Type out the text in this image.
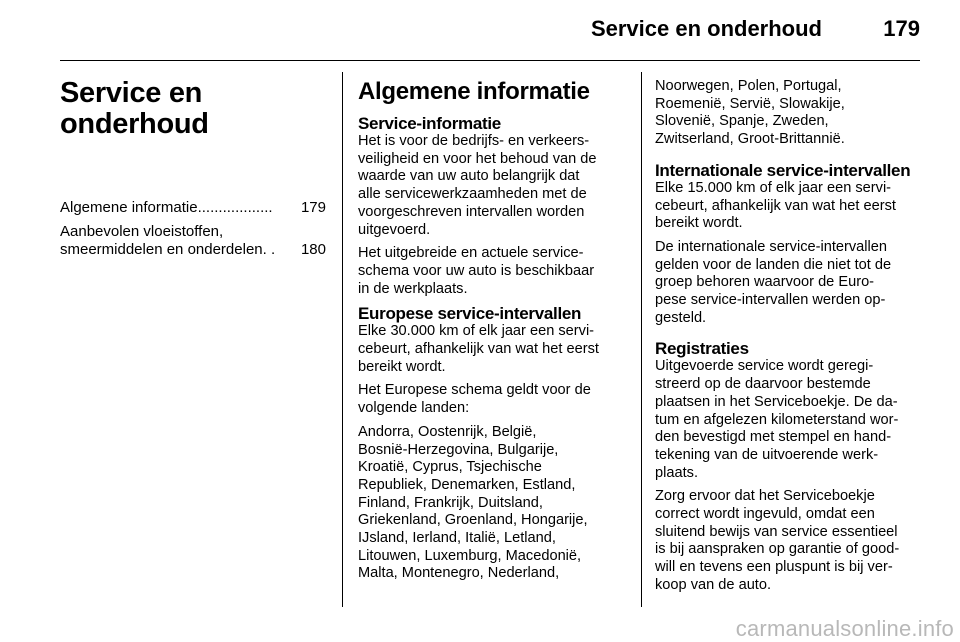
Service en onderhoud	179
Service en
onderhoud
Algemene informatie ..................	179
Aanbevolen vloeistoffen,
smeermiddelen en onderdelen . .	180
Algemene informatie
Service-informatie

Het is voor de bedrijfs- en verkeers-
veiligheid en voor het behoud van de
waarde van uw auto belangrijk dat
alle servicewerkzaamheden met de
voorgeschreven intervallen worden
uitgevoerd.

Het uitgebreide en actuele service-
schema voor uw auto is beschikbaar
in de werkplaats.

Europese service-intervallen

Elke 30.000 km of elk jaar een servi-
cebeurt, afhankelijk van wat het eerst
bereikt wordt.

Het Europese schema geldt voor de
volgende landen:

Andorra, Oostenrijk, België,
Bosnië-Herzegovina, Bulgarije,
Kroatië, Cyprus, Tsjechische
Republiek, Denemarken, Estland,
Finland, Frankrijk, Duitsland,
Griekenland, Groenland, Hongarije,
IJsland, Ierland, Italië, Letland,
Litouwen, Luxemburg, Macedonië,
Malta, Montenegro, Nederland,

Noorwegen, Polen, Portugal,
Roemenië, Servië, Slowakije,
Slovenië, Spanje, Zweden,
Zwitserland, Groot-Brittannië.

Internationale service-intervallen

Elke 15.000 km of elk jaar een servi-
cebeurt, afhankelijk van wat het eerst
bereikt wordt.

De internationale service-intervallen
gelden voor de landen die niet tot de
groep behoren waarvoor de Euro-
pese service-intervallen werden op-
gesteld.

Registraties

Uitgevoerde service wordt geregi-
streerd op de daarvoor bestemde
plaatsen in het Serviceboekje. De da-
tum en afgelezen kilometerstand wor-
den bevestigd met stempel en hand-
tekening van de uitvoerende werk-
plaats.

Zorg ervoor dat het Serviceboekje
correct wordt ingevuld, omdat een
sluitend bewijs van service essentieel
is bij aanspraken op garantie of good-
will en tevens een pluspunt is bij ver-
koop van de auto.

carmanualsonline.info
